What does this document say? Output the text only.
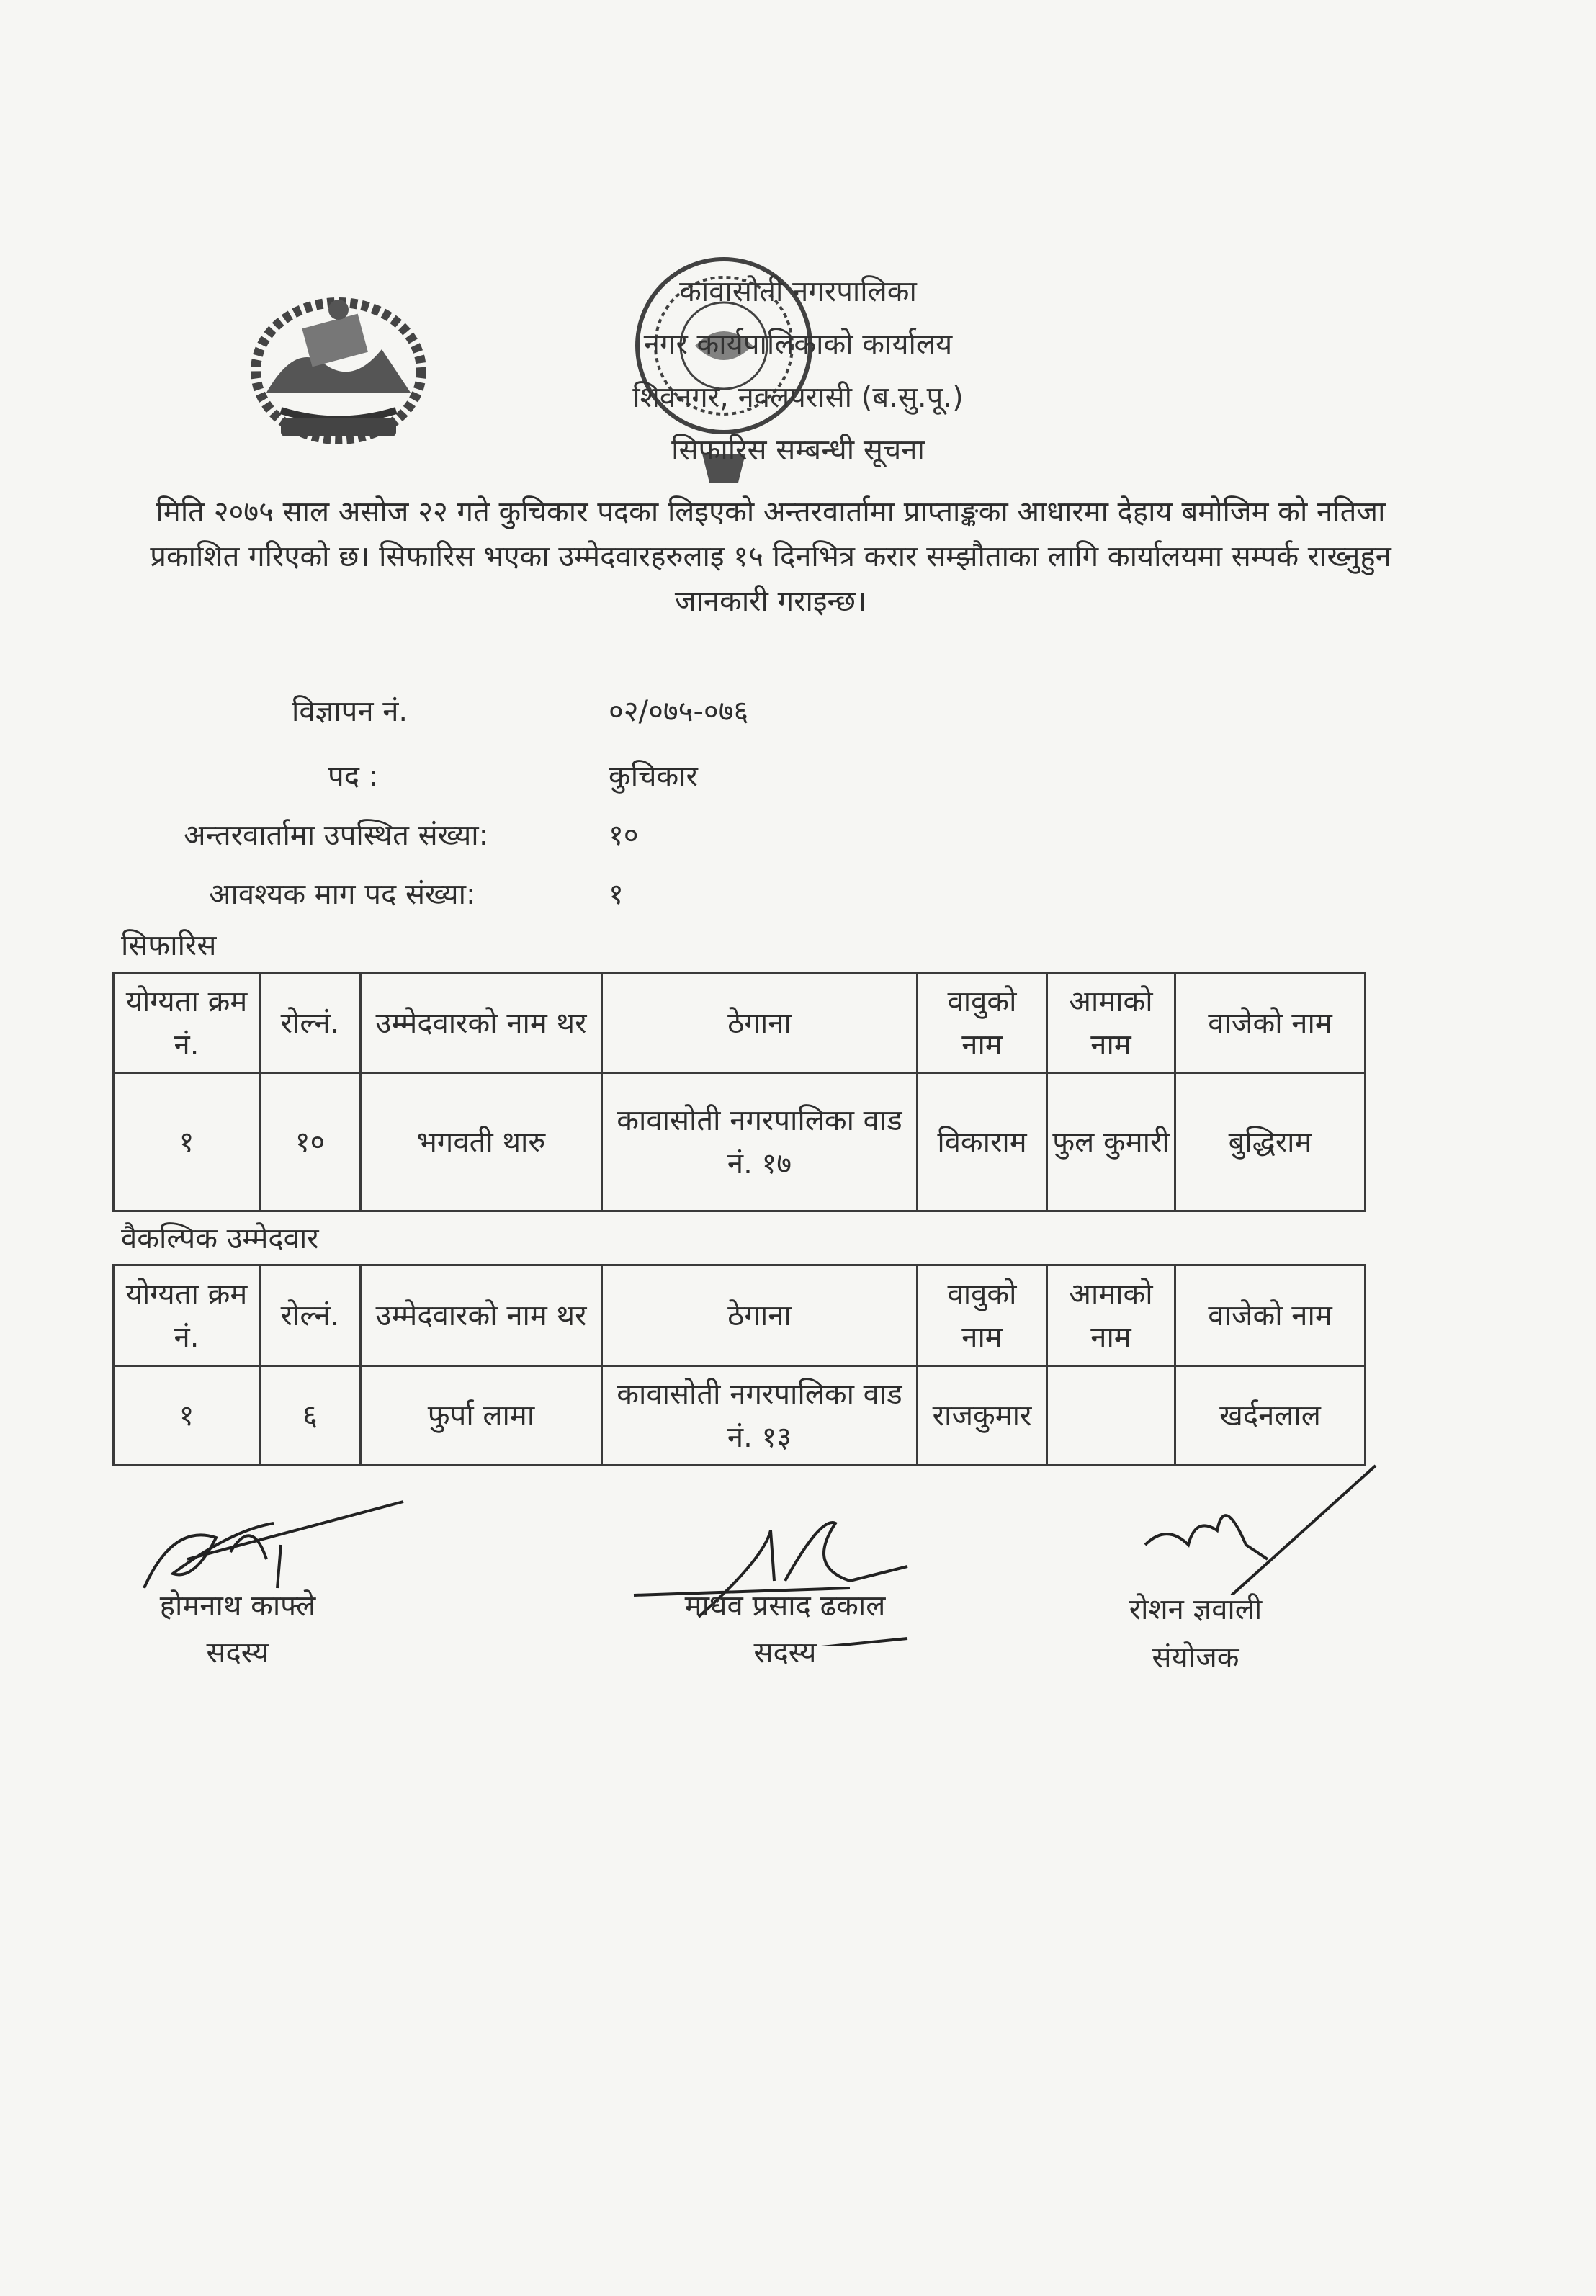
कावासोती नगरपालिका
नगर कार्यपालिकाको कार्यालय
शिवनगर, नवलपरासी (ब.सु.पू.)
सिफारिस सम्बन्धी सूचना
मिति २०७५ साल असोज २२ गते कुचिकार पदका लिइएको अन्तरवार्तामा प्राप्ताङ्कका आधारमा देहाय बमोजिम को नतिजा प्रकाशित गरिएको छ। सिफारिस भएका उम्मेदवारहरुलाइ १५ दिनभित्र करार सम्झौताका लागि कार्यालयमा सम्पर्क राख्नुहुन जानकारी गराइन्छ।
विज्ञापन नं.	०२/०७५-०७६
पद :	कुचिकार
अन्तरवार्तामा उपस्थित संख्या:	१०
आवश्यक माग पद संख्या:	१
सिफारिस
योग्यता क्रम नं.	रोल्नं.	उम्मेदवारको नाम थर	ठेगाना	वावुको नाम	आमाको नाम	वाजेको नाम
१	१०	भगवती थारु	कावासोती नगरपालिका वाड नं. १७	विकाराम	फुल कुमारी	बुद्धिराम
वैकल्पिक उम्मेदवार
योग्यता क्रम नं.	रोल्नं.	उम्मेदवारको नाम थर	ठेगाना	वावुको नाम	आमाको नाम	वाजेको नाम
१	६	फुर्पा लामा	कावासोती नगरपालिका वाड नं. १३	राजकुमार		खर्दनलाल
होमनाथ काफ्ले
सदस्य
माधव प्रसाद ढकाल
सदस्य
रोशन ज्ञवाली
संयोजक
